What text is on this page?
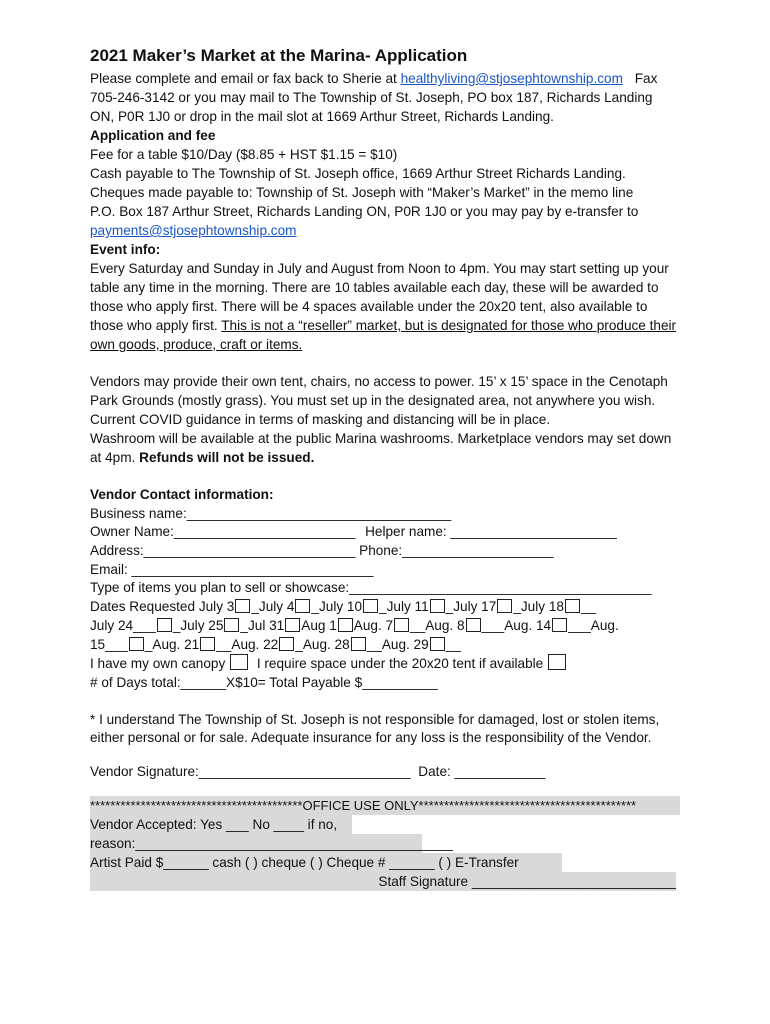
2021 Maker’s Market at the Marina- Application
Please complete and email or fax back to Sherie at healthyliving@stjosephtownship.com Fax
705-246-3142 or you may mail to The Township of St. Joseph, PO box 187, Richards Landing
ON, P0R 1J0 or drop in the mail slot at 1669 Arthur Street, Richards Landing.
Application and fee
Fee for a table $10/Day ($8.85 + HST $1.15 = $10)
Cash payable to The Township of St. Joseph office, 1669 Arthur Street Richards Landing.
Cheques made payable to: Township of St. Joseph with “Maker’s Market” in the memo line
P.O. Box 187 Arthur Street, Richards Landing ON, P0R 1J0 or you may pay by e-transfer to
payments@stjosephtownship.com
Event info:
Every Saturday and Sunday in July and August from Noon to 4pm. You may start setting up your
table any time in the morning. There are 10 tables available each day, these will be awarded to
those who apply first. There will be 4 spaces available under the 20x20 tent, also available to
those who apply first. This is not a “reseller” market, but is designated for those who produce their
own goods, produce, craft or items.
Vendors may provide their own tent, chairs, no access to power. 15’ x 15’ space in the Cenotaph
Park Grounds (mostly grass). You must set up in the designated area, not anywhere you wish.
Current COVID guidance in terms of masking and distancing will be in place.
Washroom will be available at the public Marina washrooms. Marketplace vendors may set down
at 4pm. Refunds will not be issued.
Vendor Contact information:
Business name:___________________________________
Owner Name:________________________ Helper name: ______________________
Address:____________________________ Phone:____________________
Email: ________________________________
Type of items you plan to sell or showcase:________________________________________
Dates Requested July 3 _July 4 _July 10 _July 11 _July 17 _July 18 __
July 24___ _July 25 _Jul 31 Aug 1 Aug. 7 __Aug. 8 ___Aug. 14 ___Aug.
15___ _Aug. 21 __Aug. 22 _Aug. 28 __Aug. 29 __
I have my own canopy I require space under the 20x20 tent if available
# of Days total:______X$10= Total Payable $__________
* I understand The Township of St. Joseph is not responsible for damaged, lost or stolen items,
either personal or for sale. Adequate insurance for any loss is the responsibility of the Vendor.
Vendor Signature:____________________________ Date: ____________
******************************************OFFICE USE ONLY*******************************************
Vendor Accepted: Yes ___ No ____ if no,
reason:__________________________________________
Artist Paid $______ cash ( ) cheque ( ) Cheque # ______ ( ) E-Transfer
Staff Signature ___________________________
